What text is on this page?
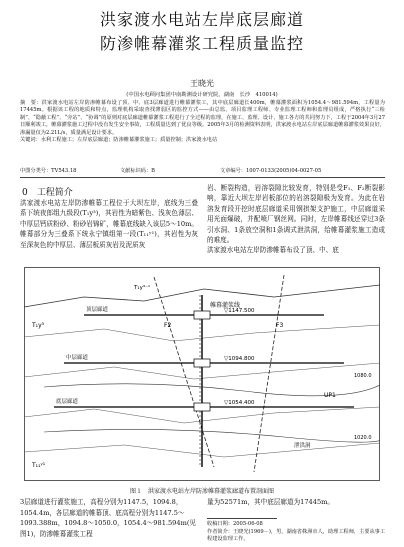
洪家渡水电站左岸底层廊道
防渗帷幕灌浆工程质量监控
王晓光
(中国水电顾问集团中南勘测设计研究院，湖南　长沙　410014)
摘　要：洪家渡水电站左岸防渗帷幕布设了顶、中、底3层廊道进行帷幕灌浆工，其中底层廊道长400m，帷幕灌浆面积为1054.4～981.594m，工程量为17445m。根据该工程的地质和特点，监理机构采取查找薄弱区的监控方式——由总监、项目监理工程师、专业监理工程师和监理员组成，严格执行“三检制”、“隐蔽工程”、“旁站”、“协调”的原则对底层廊道帷幕灌浆工程进行了全过程的监理，在施工、监理、设计、施工各方的共同努力下，工程于2004年3月27日顺利竣工，帷幕灌浆施工过程中没有发生安全事故，工程质量达到了优良等级。2005年3月的检测资料表明，洪家渡水电站左岸底层廊道帷幕灌浆效果良好，渗漏量仅为2.21L/s，质量满足设计要求。
关键词：水利工程施工；左岸底层廊道；防渗帷幕灌浆施工；质量控制；洪家渡水电站
中图分类号：TV543.18	文献标识码：B	文章编号：1007-0133(2005)04-0027-05
0　工程简介
洪家渡水电站左岸防渗帷幕工程位于大坝左岸，底线为三叠系下统夜郎组九级段(T₁y³)，其岩性为暗紫色、浅灰色薄层、中厚层钙质粉砂、粉砂岩锦矿，帷幕底线缺入该层5～10m。帷幕部分为三叠系下统永宁镇组第一段(T₁₁ʸ¹)，其岩性为灰至深灰色的中厚层、薄层板质灰岩及泥质灰
岩、断裂构造，岩溶裂隙比较发育，特别是受F₁、F₂断裂影响，靠近大坝左岸岩板部位的岩溶裂隙极为发育。为此在岩溶发育段开挖时底层廊道采用钢拱架支护施工，中层廊道采用光面爆破，并配喷厂钢丝网。同时，左岸帷幕线还穿过3条引水洞、1条放空洞和1条调式泄洪洞，给帷幕灌浆施工造成的难度。
洪家渡水电站左岸防渗帷幕布设了顶、中、底
帷幕灌浆线
▽1147.500
▽1094.800
▽1054.400
T₁y³⁻¹
F2	F3
T₁y³
T₁₁ʸ¹
UP1
顶层廊道
中层廊道
底层廊道
泄洪洞
1080.0
1020.0
图１　洪家渡水电站左岸防渗帷幕灌浆廊道布置剖面图
3层廊道进行灌浆施工，高程分别为1147.5，1094.8，1054.4m，各层廊道的帷幕顶、底高程分别为1147.5～1093.388m，1094.8～1050.0，1054.4～981.594m(见图1)，防渗帷幕灌浆工程
量为52571m，其中底层廊道为17445m。
收稿日期：2005-06-08
作者简介：王晓光(1969－)，男，湖南省株洲市人，助理工程师，主要从事工程建设监理工作。
